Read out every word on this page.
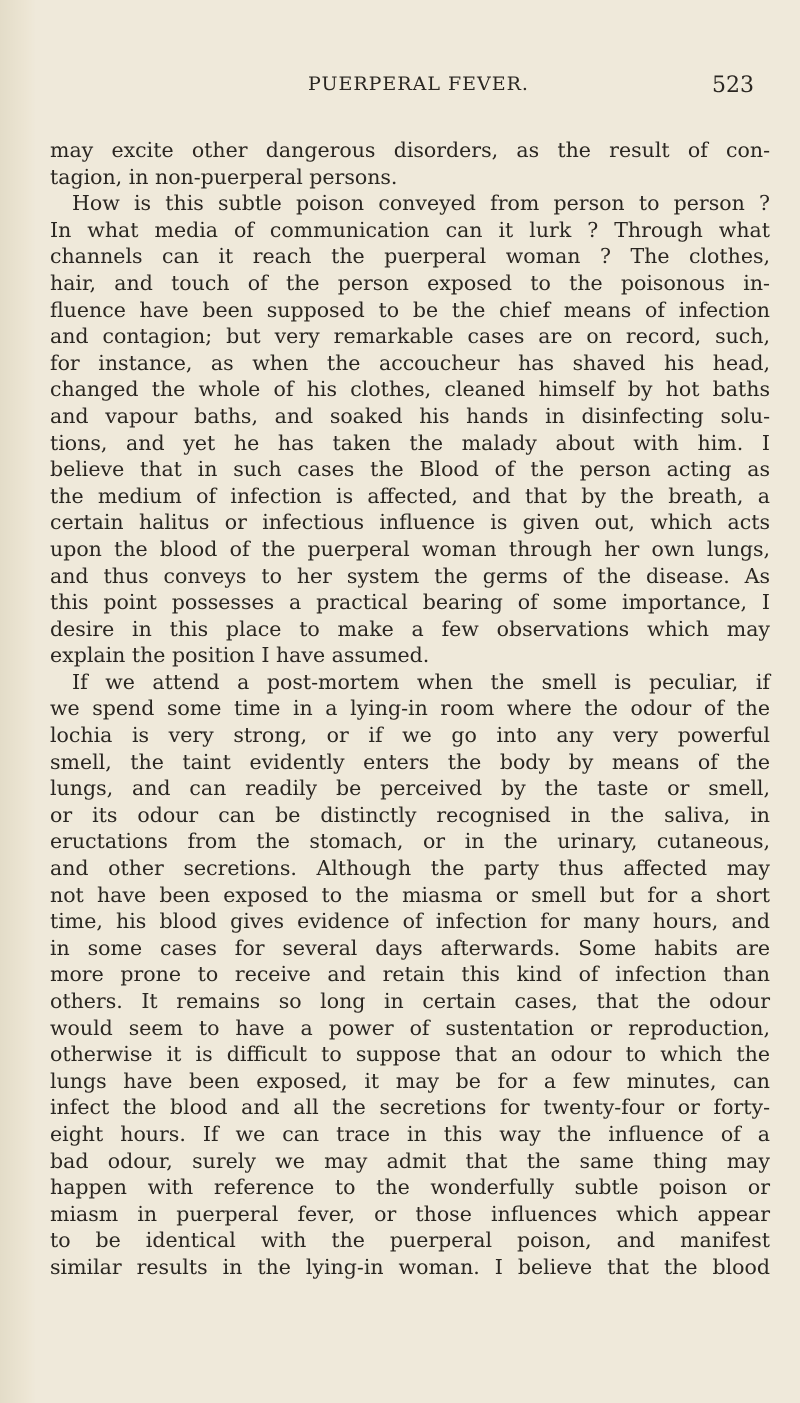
PUERPERAL FEVER.	523
may excite other dangerous disorders, as the result of con-
tagion, in non-puerperal persons.
How is this subtle poison conveyed from person to person ?
In what media of communication can it lurk ? Through what
channels can it reach the puerperal woman ? The clothes,
hair, and touch of the person exposed to the poisonous in-
fluence have been supposed to be the chief means of infection
and contagion; but very remarkable cases are on record, such,
for instance, as when the accoucheur has shaved his head,
changed the whole of his clothes, cleaned himself by hot baths
and vapour baths, and soaked his hands in disinfecting solu-
tions, and yet he has taken the malady about with him. I
believe that in such cases the Blood of the person acting as
the medium of infection is affected, and that by the breath, a
certain halitus or infectious influence is given out, which acts
upon the blood of the puerperal woman through her own lungs,
and thus conveys to her system the germs of the disease. As
this point possesses a practical bearing of some importance, I
desire in this place to make a few observations which may
explain the position I have assumed.
If we attend a post-mortem when the smell is peculiar, if
we spend some time in a lying-in room where the odour of the
lochia is very strong, or if we go into any very powerful
smell, the taint evidently enters the body by means of the
lungs, and can readily be perceived by the taste or smell,
or its odour can be distinctly recognised in the saliva, in
eructations from the stomach, or in the urinary, cutaneous,
and other secretions. Although the party thus affected may
not have been exposed to the miasma or smell but for a short
time, his blood gives evidence of infection for many hours, and
in some cases for several days afterwards. Some habits are
more prone to receive and retain this kind of infection than
others. It remains so long in certain cases, that the odour
would seem to have a power of sustentation or reproduction,
otherwise it is difficult to suppose that an odour to which the
lungs have been exposed, it may be for a few minutes, can
infect the blood and all the secretions for twenty-four or forty-
eight hours. If we can trace in this way the influence of a
bad odour, surely we may admit that the same thing may
happen with reference to the wonderfully subtle poison or
miasm in puerperal fever, or those influences which appear
to be identical with the puerperal poison, and manifest
similar results in the lying-in woman. I believe that the blood
